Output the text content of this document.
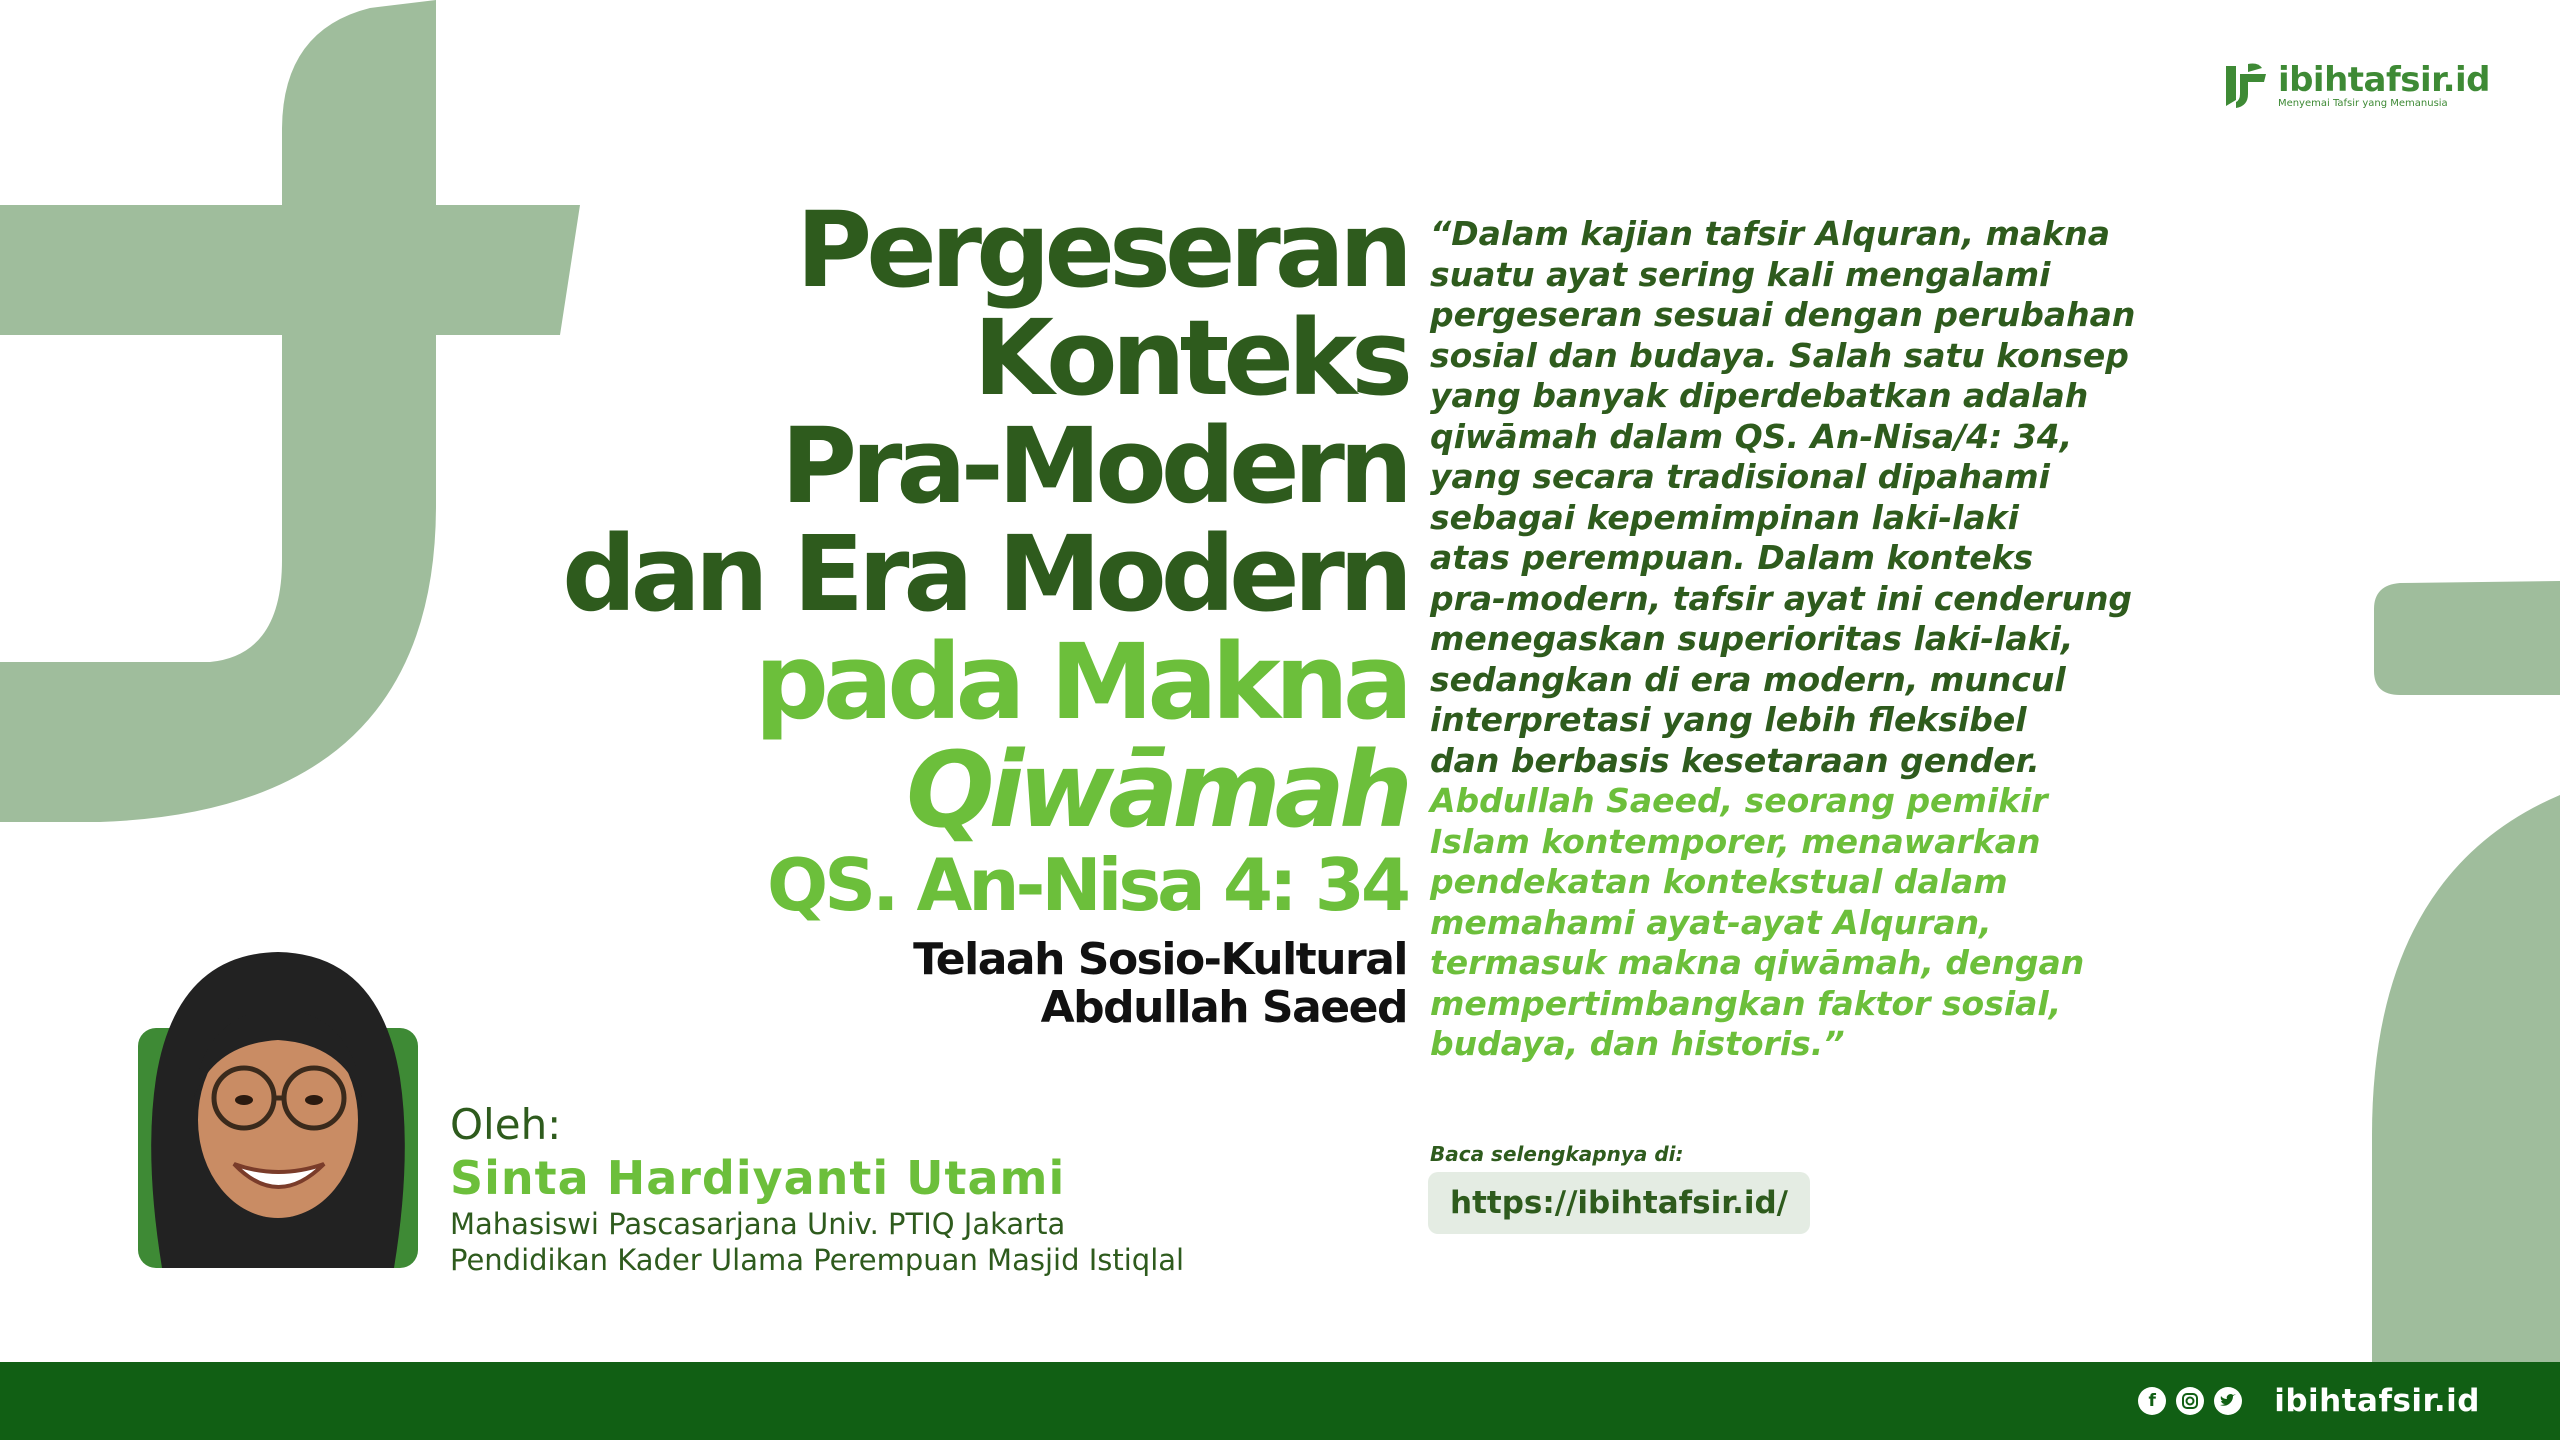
ibihtafsir.id
Menyemai Tafsir yang Memanusia
Pergeseran
Konteks
Pra-Modern
dan Era Modern
pada Makna
Qiwāmah
QS. An-Nisa 4: 34
Telaah Sosio-Kultural
Abdullah Saeed
“Dalam kajian tafsir Alquran, makna
suatu ayat sering kali mengalami
pergeseran sesuai dengan perubahan
sosial dan budaya. Salah satu konsep
yang banyak diperdebatkan adalah
qiwāmah dalam QS. An-Nisa/4: 34,
yang secara tradisional dipahami
sebagai kepemimpinan laki-laki
atas perempuan. Dalam konteks
pra-modern, tafsir ayat ini cenderung
menegaskan superioritas laki-laki,
sedangkan di era modern, muncul
interpretasi yang lebih fleksibel
dan berbasis kesetaraan gender.
Abdullah Saeed, seorang pemikir
Islam kontemporer, menawarkan
pendekatan kontekstual dalam
memahami ayat-ayat Alquran,
termasuk makna qiwāmah, dengan
mempertimbangkan faktor sosial,
budaya, dan historis.”
Oleh:
Sinta Hardiyanti Utami
Mahasiswi Pascasarjana Univ. PTIQ Jakarta
Pendidikan Kader Ulama Perempuan Masjid Istiqlal
Baca selengkapnya di:
https://ibihtafsir.id/
f	ibihtafsir.id
